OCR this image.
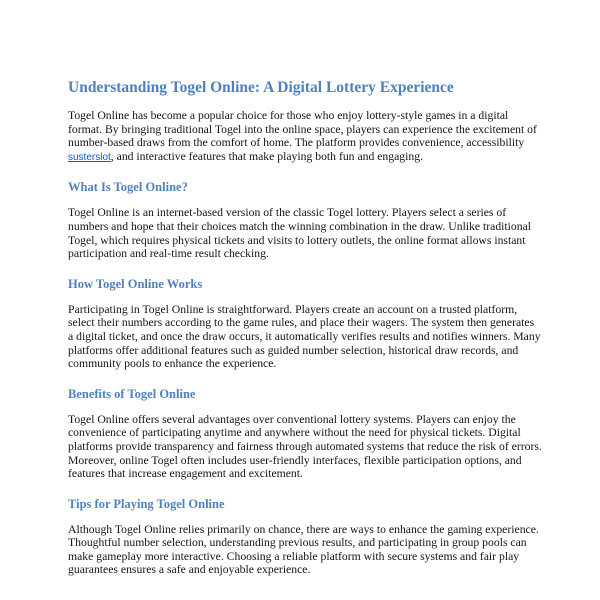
Understanding Togel Online: A Digital Lottery Experience

Togel Online has become a popular choice for those who enjoy lottery-style games in a digital format. By bringing traditional Togel into the online space, players can experience the excitement of number-based draws from the comfort of home. The platform provides convenience, accessibility susterslot, and interactive features that make playing both fun and engaging.

What Is Togel Online?

Togel Online is an internet-based version of the classic Togel lottery. Players select a series of numbers and hope that their choices match the winning combination in the draw. Unlike traditional Togel, which requires physical tickets and visits to lottery outlets, the online format allows instant participation and real-time result checking.

How Togel Online Works

Participating in Togel Online is straightforward. Players create an account on a trusted platform, select their numbers according to the game rules, and place their wagers. The system then generates a digital ticket, and once the draw occurs, it automatically verifies results and notifies winners. Many platforms offer additional features such as guided number selection, historical draw records, and community pools to enhance the experience.

Benefits of Togel Online

Togel Online offers several advantages over conventional lottery systems. Players can enjoy the convenience of participating anytime and anywhere without the need for physical tickets. Digital platforms provide transparency and fairness through automated systems that reduce the risk of errors. Moreover, online Togel often includes user-friendly interfaces, flexible participation options, and features that increase engagement and excitement.

Tips for Playing Togel Online

Although Togel Online relies primarily on chance, there are ways to enhance the gaming experience. Thoughtful number selection, understanding previous results, and participating in group pools can make gameplay more interactive. Choosing a reliable platform with secure systems and fair play guarantees ensures a safe and enjoyable experience.
